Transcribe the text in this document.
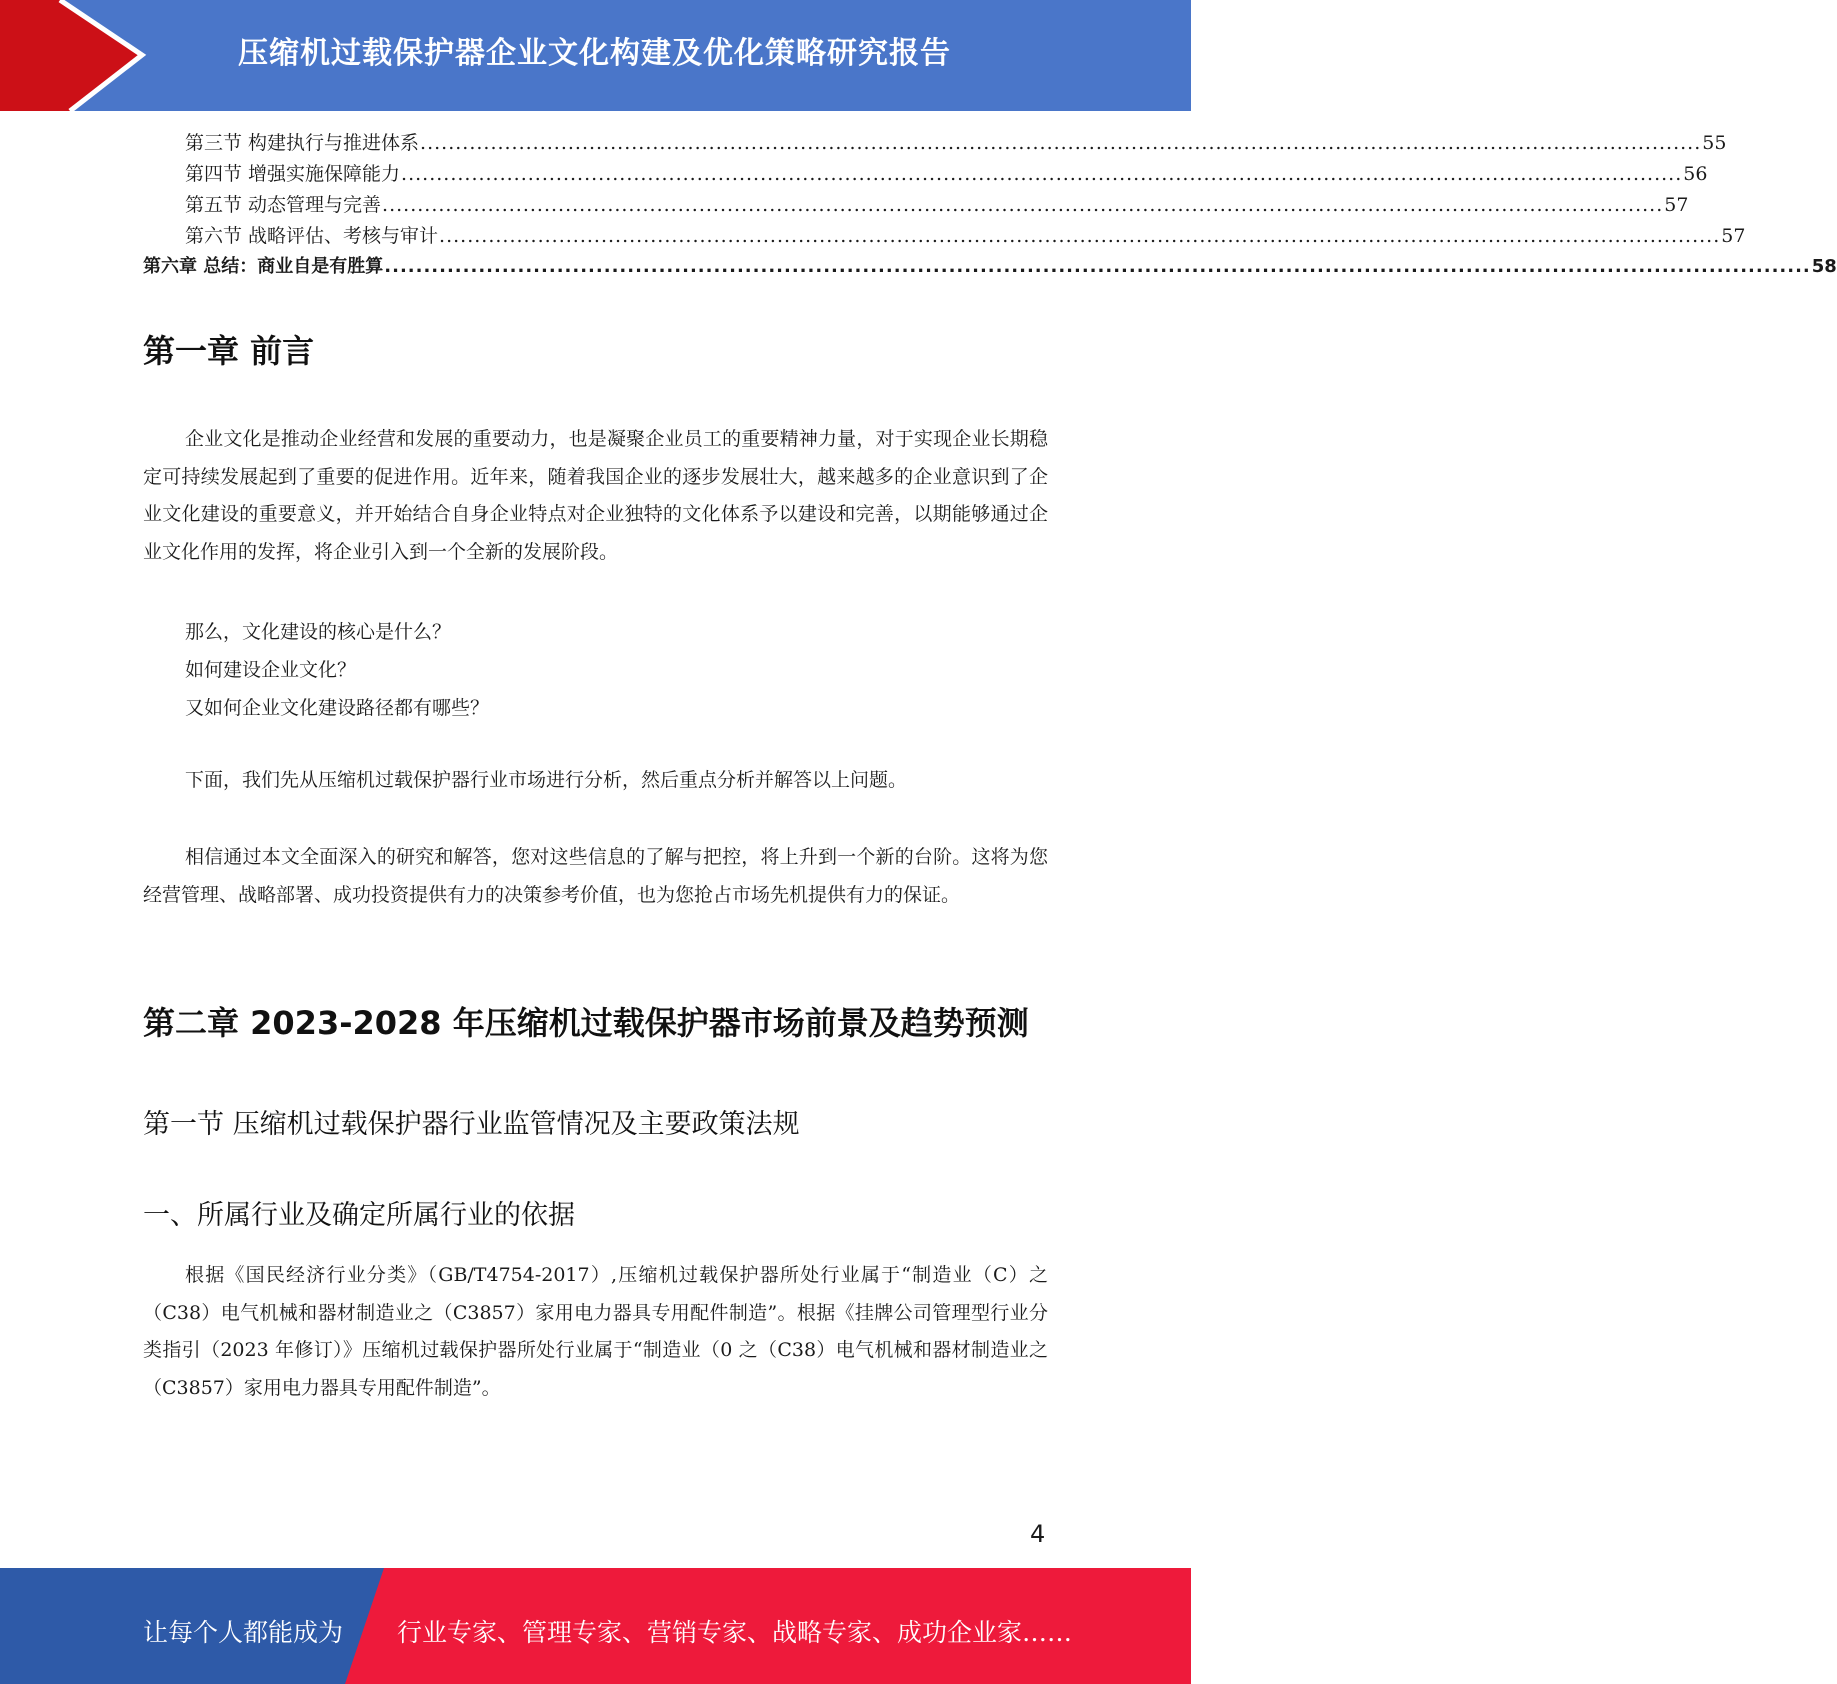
压缩机过载保护器企业文化构建及优化策略研究报告
第三节 构建执行与推进体系 ...................................................................................................................................................................................... 55
第四节 增强实施保障能力 ...................................................................................................................................................................................... 56
第五节 动态管理与完善 ...................................................................................................................................................................................... 57
第六节 战略评估、考核与审计 ...................................................................................................................................................................................... 57
第六章 总结：商业自是有胜算 ...................................................................................................................................................................................... 58
第一章 前言
企业文化是推动企业经营和发展的重要动力，也是凝聚企业员工的重要精神力量，对于实现企业长期稳定可持续发展起到了重要的促进作用。近年来，随着我国企业的逐步发展壮大，越来越多的企业意识到了企业文化建设的重要意义，并开始结合自身企业特点对企业独特的文化体系予以建设和完善，以期能够通过企业文化作用的发挥，将企业引入到一个全新的发展阶段。
那么，文化建设的核心是什么？
如何建设企业文化？
又如何企业文化建设路径都有哪些？
下面，我们先从压缩机过载保护器行业市场进行分析，然后重点分析并解答以上问题。
相信通过本文全面深入的研究和解答，您对这些信息的了解与把控，将上升到一个新的台阶。这将为您经营管理、战略部署、成功投资提供有力的决策参考价值，也为您抢占市场先机提供有力的保证。
第二章 2023-2028 年压缩机过载保护器市场前景及趋势预测
第一节 压缩机过载保护器行业监管情况及主要政策法规
一、所属行业及确定所属行业的依据
根据《国民经济行业分类》（GB/T4754-2017）,压缩机过载保护器所处行业属于“制造业（C）之（C38）电气机械和器材制造业之（C3857）家用电力器具专用配件制造”。根据《挂牌公司管理型行业分类指引（2023 年修订）》压缩机过载保护器所处行业属于“制造业（0 之（C38）电气机械和器材制造业之（C3857）家用电力器具专用配件制造”。
4
让每个人都能成为 行业专家、管理专家、营销专家、战略专家、成功企业家……
